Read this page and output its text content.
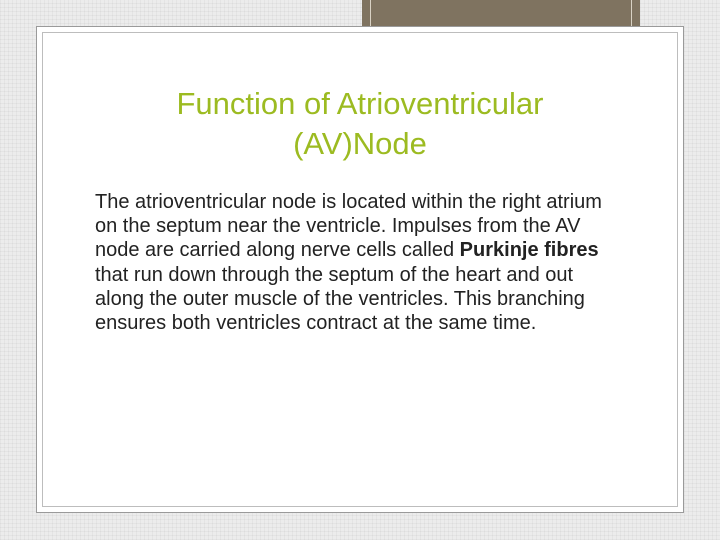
Function of Atrioventricular
(AV)Node

The atrioventricular node is located within the right atrium on the septum near the ventricle. Impulses from the AV node are carried along nerve cells called Purkinje fibres that run down through the septum of the heart and out along the outer muscle of the ventricles. This branching ensures both ventricles contract at the same time.
